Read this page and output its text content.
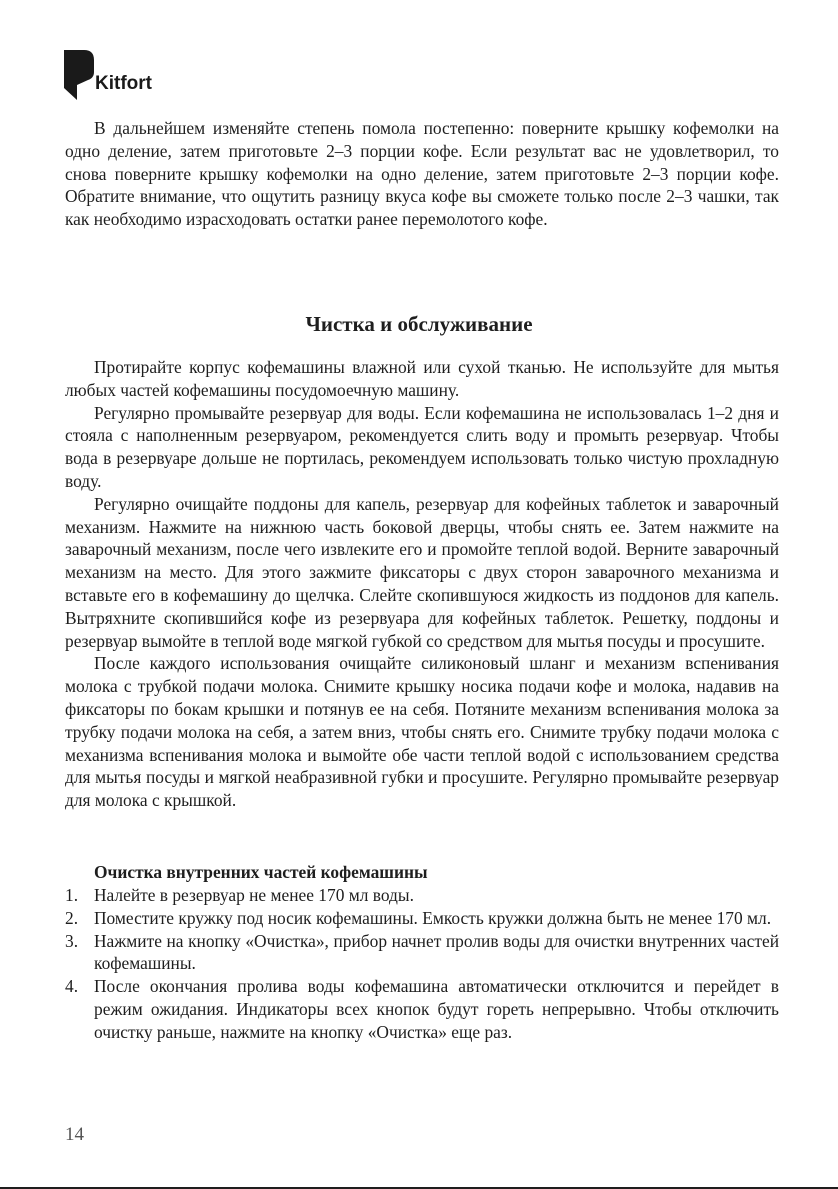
Kitfort

В дальнейшем изменяйте степень помола постепенно: поверните крышку кофемолки на одно деление, затем приготовьте 2–3 порции кофе. Если результат вас не удовлетворил, то снова поверните крышку кофемолки на одно деление, затем приготовьте 2–3 порции кофе. Обратите внимание, что ощутить разницу вкуса кофе вы сможете только после 2–3 чашки, так как необходимо израсходовать остатки ранее перемолотого кофе.

Чистка и обслуживание

Протирайте корпус кофемашины влажной или сухой тканью. Не используйте для мытья любых частей кофемашины посудомоечную машину.

Регулярно промывайте резервуар для воды. Если кофемашина не использовалась 1–2 дня и стояла с наполненным резервуаром, рекомендуется слить воду и промыть резервуар. Чтобы вода в резервуаре дольше не портилась, рекомендуем использовать только чистую прохладную воду.

Регулярно очищайте поддоны для капель, резервуар для кофейных таблеток и заварочный механизм. Нажмите на нижнюю часть боковой дверцы, чтобы снять ее. Затем нажмите на заварочный механизм, после чего извлеките его и промойте теплой водой. Верните заварочный механизм на место. Для этого зажмите фиксаторы с двух сторон заварочного механизма и вставьте его в кофемашину до щелчка. Слейте скопившуюся жидкость из поддонов для капель. Вытряхните скопившийся кофе из резервуара для кофейных таблеток. Решетку, поддоны и резервуар вымойте в теплой воде мягкой губкой со средством для мытья посуды и просушите.

После каждого использования очищайте силиконовый шланг и механизм вспенивания молока с трубкой подачи молока. Снимите крышку носика подачи кофе и молока, надавив на фиксаторы по бокам крышки и потянув ее на себя. Потяните механизм вспенивания молока за трубку подачи молока на себя, а затем вниз, чтобы снять его. Снимите трубку подачи молока с механизма вспенивания молока и вымойте обе части теплой водой с использованием средства для мытья посуды и мягкой неабразивной губки и просушите. Регулярно промывайте резервуар для молока с крышкой.

Очистка внутренних частей кофемашины
1. Налейте в резервуар не менее 170 мл воды.
2. Поместите кружку под носик кофемашины. Емкость кружки должна быть не менее 170 мл.
3. Нажмите на кнопку «Очистка», прибор начнет пролив воды для очистки внутренних частей кофемашины.
4. После окончания пролива воды кофемашина автоматически отключится и перейдет в режим ожидания. Индикаторы всех кнопок будут гореть непрерывно. Чтобы отключить очистку раньше, нажмите на кнопку «Очистка» еще раз.
14
